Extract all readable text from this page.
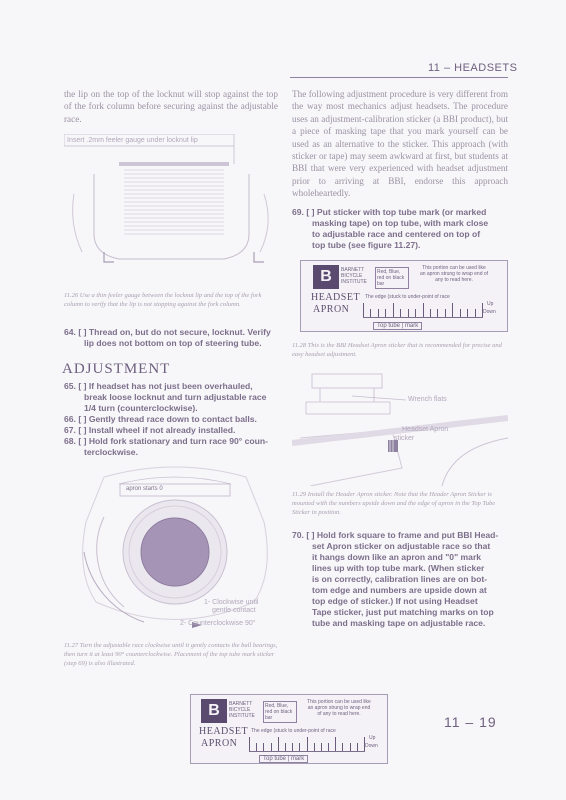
11 – HEADSETS
the lip on the top of the locknut will stop against the top of the fork column before securing against the adjustable race.
Insert .2mm feeler gauge under locknut lip
11.26 Use a thin feeler gauge between the locknut lip and the top of the fork column to verify that the lip is not stopping against the fork column.
64. [ ] Thread on, but do not secure, locknut. Verify
lip does not bottom on top of steering tube.
ADJUSTMENT
65. [ ] If headset has not just been overhauled,
break loose locknut and turn adjustable race
1/4 turn (counterclockwise).
66. [ ] Gently thread race down to contact balls.
67. [ ] Install wheel if not already installed.
68. [ ] Hold fork stationary and turn race 90° coun-
terclockwise.
apron starts 0
1- Clockwise until
gentle contact
2- Counterclockwise 90°
11.27 Turn the adjustable race clockwise until it gently contacts the ball bearings, then turn it at least 90° counterclockwise. Placement of the top tube mark sticker (step 69) is also illustrated.
The following adjustment procedure is very different from the way most mechanics adjust headsets. The procedure uses an adjustment-calibration sticker (a BBI product), but a piece of masking tape that you mark yourself can be used as an alternative to the sticker. This approach (with sticker or tape) may seem awkward at first, but students at BBI that were very experienced with headset adjustment prior to arriving at BBI, endorse this approach wholeheartedly.
69. [ ] Put sticker with top tube mark (or marked
masking tape) on top tube, with mark close
to adjustable race and centered on top of
top tube (see figure 11.27).
B	BARNETT
BICYCLE
INSTITUTE
Red, Blue, red on black bar
This portion can be used like an apron strung to wrap end of any to read here.
HEADSET
APRON
The edge (stuck to under-point of race
Up
Down
Top tube | mark
11.28 This is the BBI Headset Apron sticker that is recommended for precise and easy headset adjustment.
Wrench flats
Headset Apron
sticker
11.29 Install the Header Apron sticker. Note that the Header Apron Sticker is mounted with the numbers upside down and the edge of apron in the Top Tube Sticker in position.
70. [ ] Hold fork square to frame and put BBI Head-
set Apron sticker on adjustable race so that
it hangs down like an apron and "0" mark
lines up with top tube mark. (When sticker
is on correctly, calibration lines are on bot-
tom edge and numbers are upside down at
top edge of sticker.) If not using Headset
Tape sticker, just put matching marks on top
tube and masking tape on adjustable race.
B	BARNETT
BICYCLE
INSTITUTE
Red, Blue, red on black bar
This portion can be used like an apron strung to wrap end of any to read here.
HEADSET
APRON
The edge (stuck to under-point of race
Up
Down
Top tube | mark
11 – 19
